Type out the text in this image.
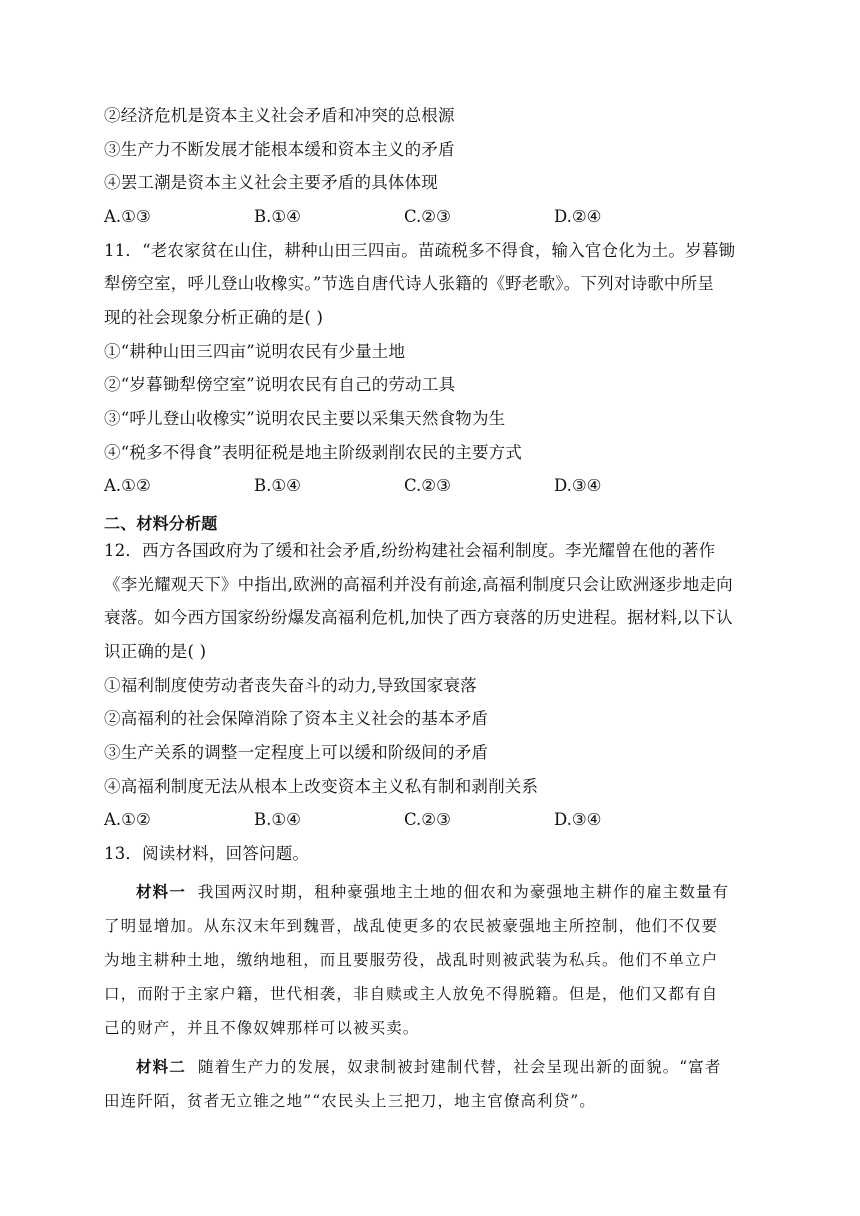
②经济危机是资本主义社会矛盾和冲突的总根源
③生产力不断发展才能根本缓和资本主义的矛盾
④罢工潮是资本主义社会主要矛盾的具体体现
A.①③	B.①④	C.②③	D.②④
11．“老农家贫在山住，耕种山田三四亩。苗疏税多不得食，输入官仓化为土。岁暮锄
犁傍空室，呼儿登山收橡实。”节选自唐代诗人张籍的《野老歌》。下列对诗歌中所呈
现的社会现象分析正确的是( )
①“耕种山田三四亩”说明农民有少量土地
②“岁暮锄犁傍空室”说明农民有自己的劳动工具
③“呼儿登山收橡实”说明农民主要以采集天然食物为生
④“税多不得食”表明征税是地主阶级剥削农民的主要方式
A.①②	B.①④	C.②③	D.③④
二、材料分析题
12．西方各国政府为了缓和社会矛盾,纷纷构建社会福利制度。李光耀曾在他的著作
《李光耀观天下》中指出,欧洲的高福利并没有前途,高福利制度只会让欧洲逐步地走向
衰落。如今西方国家纷纷爆发高福利危机,加快了西方衰落的历史进程。据材料,以下认
识正确的是( )
①福利制度使劳动者丧失奋斗的动力,导致国家衰落
②高福利的社会保障消除了资本主义社会的基本矛盾
③生产关系的调整一定程度上可以缓和阶级间的矛盾
④高福利制度无法从根本上改变资本主义私有制和剥削关系
A.①②	B.①④	C.②③	D.③④
13．阅读材料，回答问题。
材料一 我国两汉时期，租种豪强地主土地的佃农和为豪强地主耕作的雇主数量有
了明显增加。从东汉末年到魏晋，战乱使更多的农民被豪强地主所控制，他们不仅要
为地主耕种土地，缴纳地租，而且要服劳役，战乱时则被武装为私兵。他们不单立户
口，而附于主家户籍，世代相袭，非自赎或主人放免不得脱籍。但是，他们又都有自
己的财产，并且不像奴婢那样可以被买卖。
材料二 随着生产力的发展，奴隶制被封建制代替，社会呈现出新的面貌。“富者
田连阡陌，贫者无立锥之地”“农民头上三把刀，地主官僚高利贷”。
